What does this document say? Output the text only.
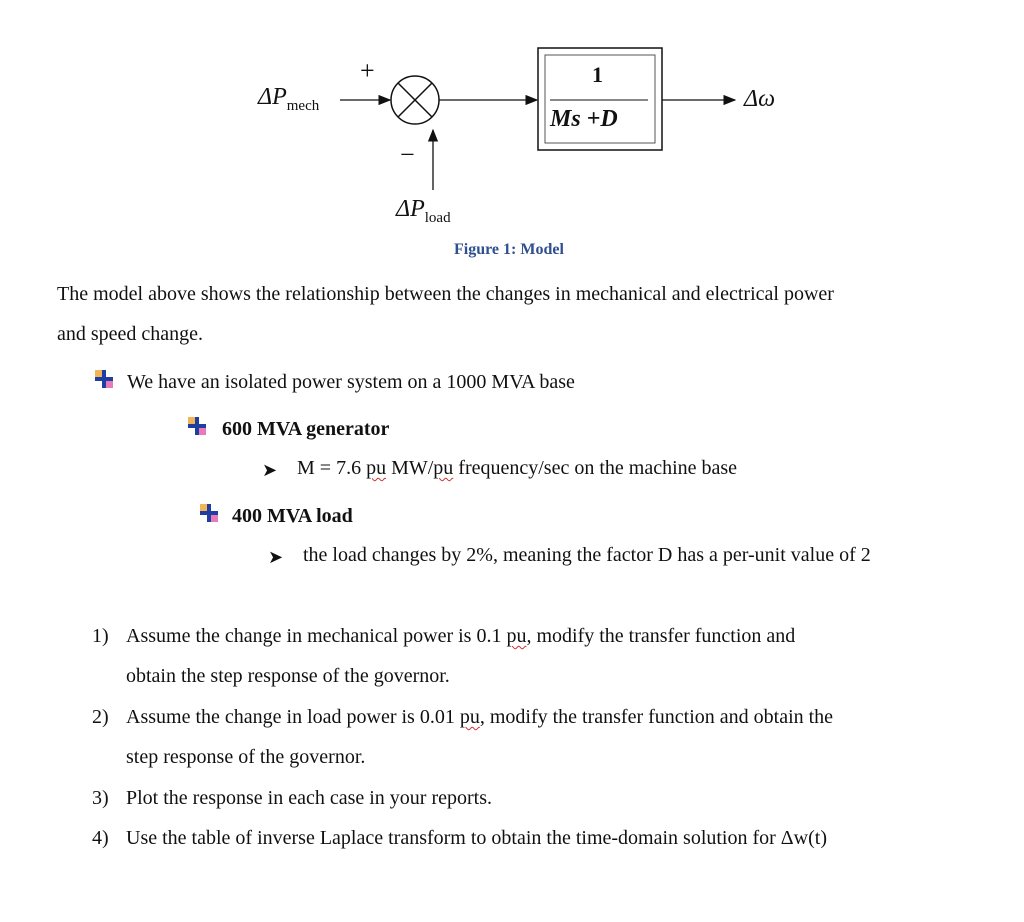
$\Delta P_{mech}$
+
−
$\Delta P_{load}$
1
Ms +D
Δω
Figure 1: Model
The model above shows the relationship between the changes in mechanical and electrical power
and speed change.
We have an isolated power system on a 1000 MVA base
600 MVA generator
➤ M = 7.6 pu MW/pu frequency/sec on the machine base
400 MVA load
➤ the load changes by 2%, meaning the factor D has a per-unit value of 2
1) Assume the change in mechanical power is 0.1 pu, modify the transfer function and
obtain the step response of the governor.
2) Assume the change in load power is 0.01 pu, modify the transfer function and obtain the
step response of the governor.
3) Plot the response in each case in your reports.
4) Use the table of inverse Laplace transform to obtain the time-domain solution for Δw(t)
